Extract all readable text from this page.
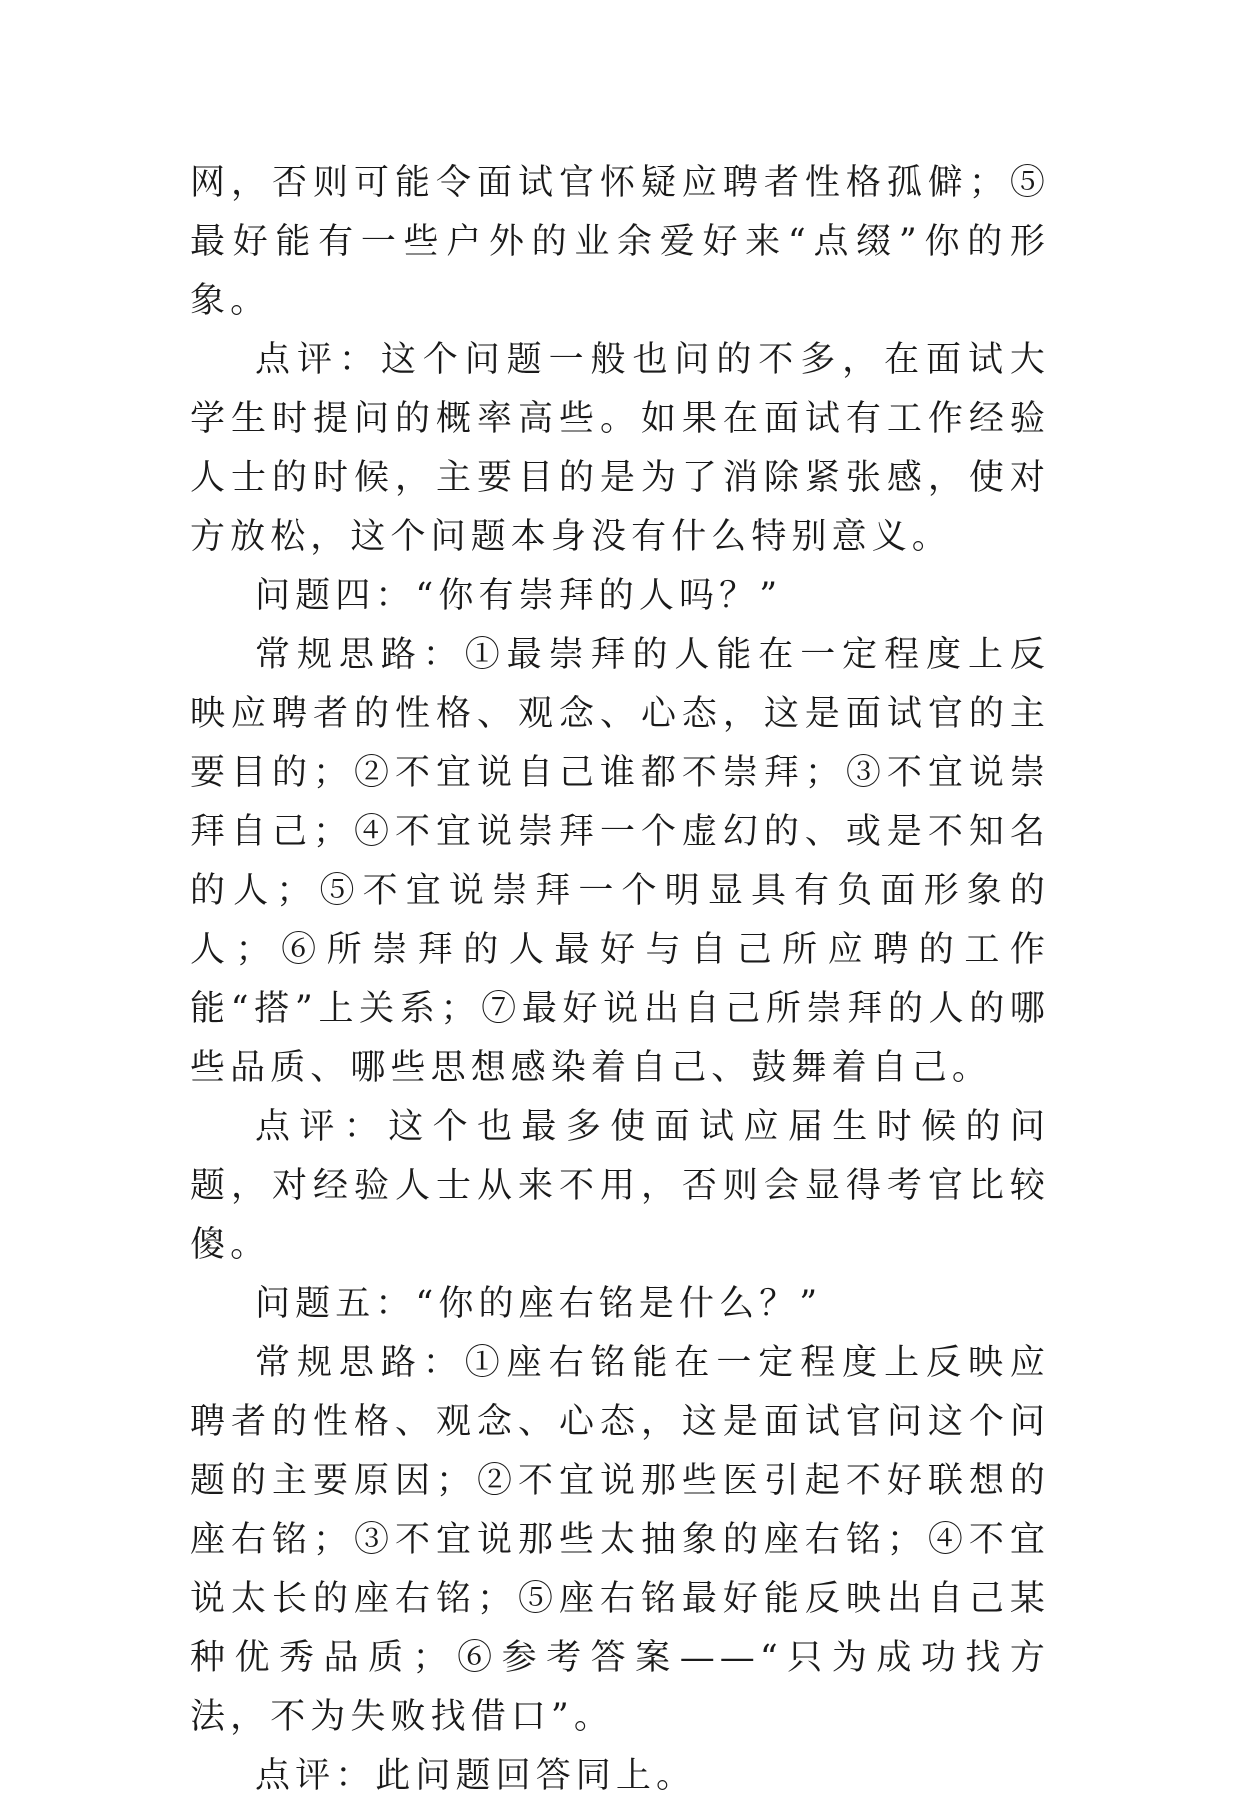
网，否则可能令面试官怀疑应聘者性格孤僻；⑤最好能有一些户外的业余爱好来“点缀”你的形象。

点评：这个问题一般也问的不多，在面试大学生时提问的概率高些。如果在面试有工作经验人士的时候，主要目的是为了消除紧张感，使对方放松，这个问题本身没有什么特别意义。

问题四：“你有崇拜的人吗？”

常规思路：①最崇拜的人能在一定程度上反映应聘者的性格、观念、心态，这是面试官的主要目的；②不宜说自己谁都不崇拜；③不宜说崇拜自己；④不宜说崇拜一个虚幻的、或是不知名的人；⑤不宜说崇拜一个明显具有负面形象的人；⑥所崇拜的人最好与自己所应聘的工作能“搭”上关系；⑦最好说出自己所崇拜的人的哪些品质、哪些思想感染着自己、鼓舞着自己。

点评：这个也最多使面试应届生时候的问题，对经验人士从来不用，否则会显得考官比较傻。

问题五：“你的座右铭是什么？”

常规思路：①座右铭能在一定程度上反映应聘者的性格、观念、心态，这是面试官问这个问题的主要原因；②不宜说那些医引起不好联想的座右铭；③不宜说那些太抽象的座右铭；④不宜说太长的座右铭；⑤座右铭最好能反映出自己某种优秀品质；⑥参考答案——“只为成功找方法，不为失败找借口”。

点评：此问题回答同上。
